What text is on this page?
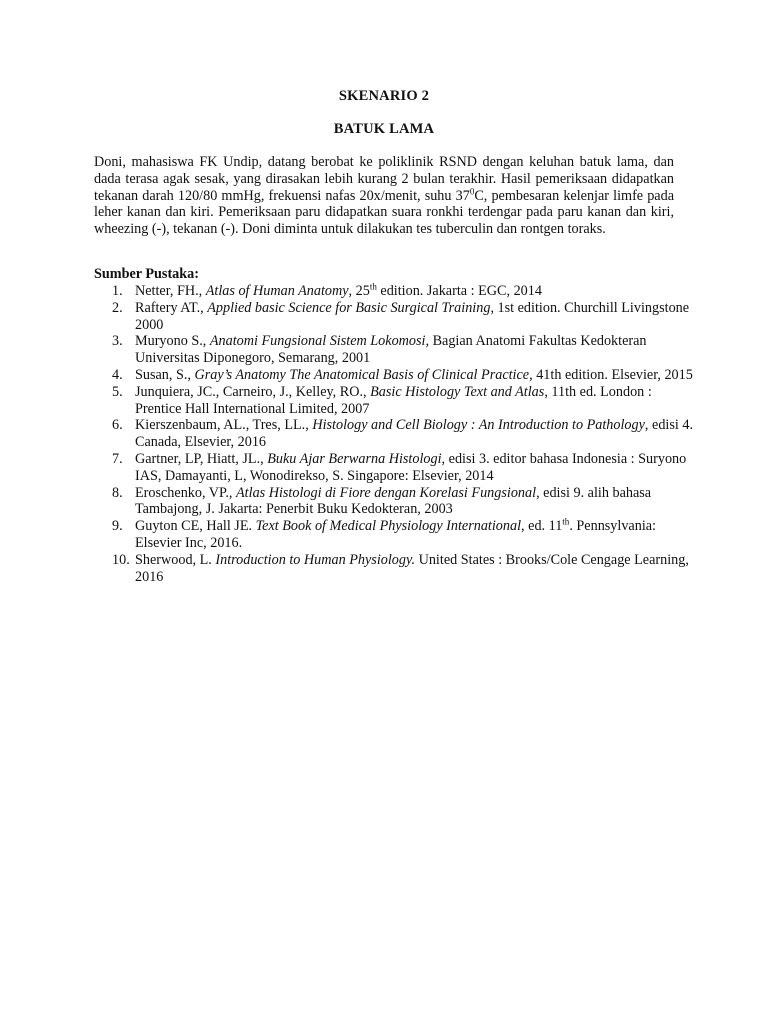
SKENARIO 2
BATUK LAMA
Doni, mahasiswa FK Undip, datang berobat ke poliklinik RSND dengan keluhan batuk lama, dan dada terasa agak sesak, yang dirasakan lebih kurang 2 bulan terakhir. Hasil pemeriksaan didapatkan tekanan darah 120/80 mmHg, frekuensi nafas 20x/menit, suhu $37^0C$, pembesaran kelenjar limfe pada leher kanan dan kiri. Pemeriksaan paru didapatkan suara ronkhi terdengar pada paru kanan dan kiri, wheezing (-), tekanan (-). Doni diminta untuk dilakukan tes tuberculin dan rontgen toraks.
Sumber Pustaka:
1. Netter, FH., Atlas of Human Anatomy, 25th edition. Jakarta : EGC, 2014
2. Raftery AT., Applied basic Science for Basic Surgical Training, 1st edition. Churchill Livingstone 2000
3. Muryono S., Anatomi Fungsional Sistem Lokomosi, Bagian Anatomi Fakultas Kedokteran Universitas Diponegoro, Semarang, 2001
4. Susan, S., Gray’s Anatomy The Anatomical Basis of Clinical Practice, 41th edition. Elsevier, 2015
5. Junquiera, JC., Carneiro, J., Kelley, RO., Basic Histology Text and Atlas, 11th ed. London : Prentice Hall International Limited, 2007
6. Kierszenbaum, AL., Tres, LL., Histology and Cell Biology : An Introduction to Pathology, edisi 4. Canada, Elsevier, 2016
7. Gartner, LP, Hiatt, JL., Buku Ajar Berwarna Histologi, edisi 3. editor bahasa Indonesia : Suryono IAS, Damayanti, L, Wonodirekso, S. Singapore: Elsevier, 2014
8. Eroschenko, VP., Atlas Histologi di Fiore dengan Korelasi Fungsional, edisi 9. alih bahasa Tambajong, J. Jakarta: Penerbit Buku Kedokteran, 2003
9. Guyton CE, Hall JE. Text Book of Medical Physiology International, ed. 11th. Pennsylvania: Elsevier Inc, 2016.
10. Sherwood, L. Introduction to Human Physiology. United States : Brooks/Cole Cengage Learning, 2016
